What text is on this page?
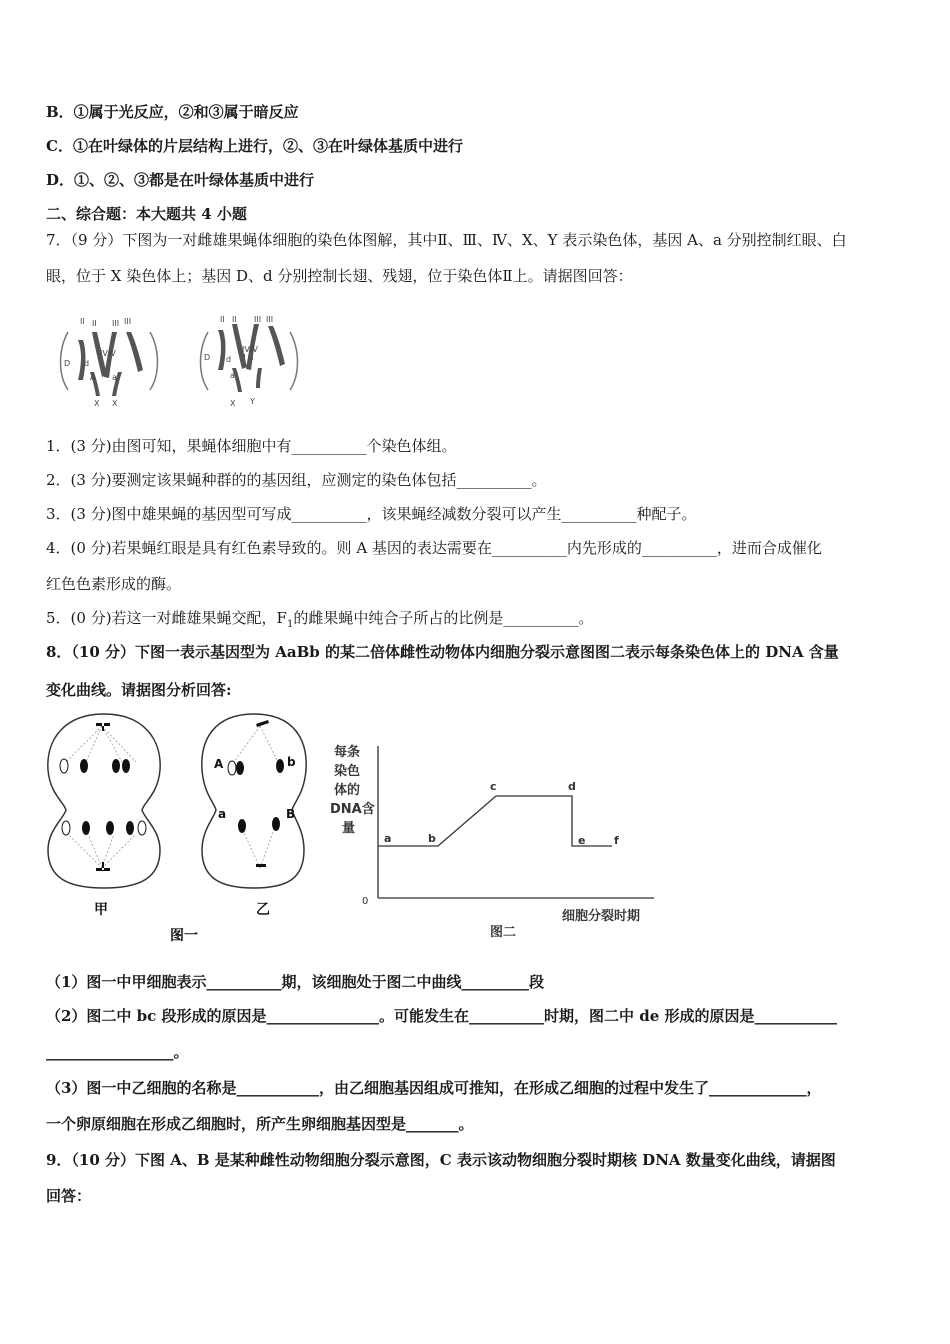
B．①属于光反应，②和③属于暗反应
C．①在叶绿体的片层结构上进行，②、③在叶绿体基质中进行
D．①、②、③都是在叶绿体基质中进行
二、综合题：本大题共 4 小题
7．（9 分）下图为一对雌雄果蝇体细胞的染色体图解，其中Ⅱ、Ⅲ、Ⅳ、X、Y 表示染色体，基因 A、a 分别控制红眼、白
眼，位于 X 染色体上；基因 D、d 分别控制长翅、残翅，位于染色体Ⅱ上。请据图回答：
II II III III
D d
IV IV
A a
X X
II II III III
D d
IV IV
a
X Y
1．(3 分)由图可知，果蝇体细胞中有__________个染色体组。
2．(3 分)要测定该果蝇种群的的基因组，应测定的染色体包括__________。
3．(3 分)图中雄果蝇的基因型可写成__________，该果蝇经减数分裂可以产生__________种配子。
4．(0 分)若果蝇红眼是具有红色素导致的。则 A 基因的表达需要在__________内先形成的__________，进而合成催化
红色色素形成的酶。
5．(0 分)若这一对雌雄果蝇交配，$F_1$的雌果蝇中纯合子所占的比例是__________。
8．（10 分）下图一表示基因型为 AaBb 的某二倍体雌性动物体内细胞分裂示意图图二表示每条染色体上的 DNA 含量
变化曲线。请据图分析回答:
A	b
a	B
甲	乙
图一
每条
染色
体的
DNA含
量
细胞分裂时期
图二
0
a	b
c	d
e	f
（1）图一中甲细胞表示__________期，该细胞处于图二中曲线_________段
（2）图二中 bc 段形成的原因是_______________。可能发生在__________时期，图二中 de 形成的原因是___________
_________________。
（3）图一中乙细胞的名称是___________，由乙细胞基因组成可推知，在形成乙细胞的过程中发生了_____________，
一个卵原细胞在形成乙细胞时，所产生卵细胞基因型是_______。
9．（10 分）下图 A、B 是某种雌性动物细胞分裂示意图，C 表示该动物细胞分裂时期核 DNA 数量变化曲线，请据图
回答：
